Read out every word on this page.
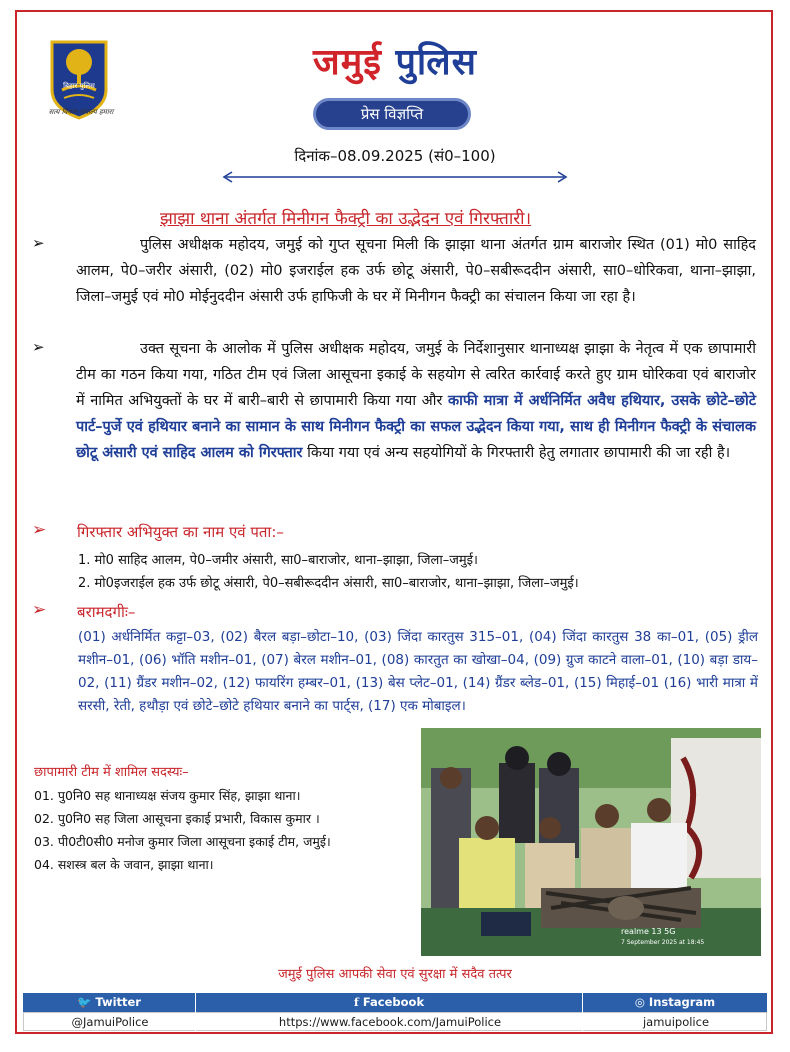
बिहार पुलिस
सत्य विधान संकल्प हमारा
जमुई पुलिस
प्रेस विज्ञप्ति
दिनांक–08.09.2025 (सं0–100)
झाझा थाना अंतर्गत मिनीगन फैक्ट्री का उद्भेदन एवं गिरफ्तारी।
➢	पुलिस अधीक्षक महोदय, जमुई को गुप्त सूचना मिली कि झाझा थाना अंतर्गत ग्राम बाराजोर स्थित (01) मो0 साहिद आलम, पे0–जरीर अंसारी, (02) मो0 इजराईल हक उर्फ छोटू अंसारी, पे0–सबीरूददीन अंसारी, सा0–धोरिकवा, थाना–झाझा, जिला–जमुई एवं मो0 मोईनुददीन अंसारी उर्फ हाफिजी के घर में मिनीगन फैक्ट्री का संचालन किया जा रहा है।
➢	उक्त सूचना के आलोक में पुलिस अधीक्षक महोदय, जमुई के निर्देशानुसार थानाध्यक्ष झाझा के नेतृत्व में एक छापामारी टीम का गठन किया गया, गठित टीम एवं जिला आसूचना इकाई के सहयोग से त्वरित कार्रवाई करते हुए ग्राम घोरिकवा एवं बाराजोर में नामित अभियुक्तों के घर में बारी–बारी से छापामारी किया गया और काफी मात्रा में अर्धनिर्मित अवैध हथियार, उसके छोटे–छोटे पार्ट–पुर्जे एवं हथियार बनाने का सामान के साथ मिनीगन फैक्ट्री का सफल उद्भेदन किया गया, साथ ही मिनीगन फैक्ट्री के संचालक छोटू अंसारी एवं साहिद आलम को गिरफ्तार किया गया एवं अन्य सहयोगियों के गिरफ्तारी हेतु लगातार छापामारी की जा रही है।
➢ गिरफ्तार अभियुक्त का नाम एवं पता:–
1. मो0 साहिद आलम, पे0–जमीर अंसारी, सा0–बाराजोर, थाना–झाझा, जिला–जमुई।
2. मो0इजराईल हक उर्फ छोटू अंसारी, पे0–सबीरूददीन अंसारी, सा0–बाराजोर, थाना–झाझा, जिला–जमुई।
➢ बरामदगीः–
(01) अर्धनिर्मित कट्टा–03, (02) बैरल बड़ा–छोटा–10, (03) जिंदा कारतुस 315–01, (04) जिंदा कारतुस 38 का–01, (05) ड्रील मशीन–01, (06) भॉति मशीन–01, (07) बेरल मशीन–01, (08) कारतुत का खोखा–04, (09) ग्रुज काटने वाला–01, (10) बड़ा डाय–02, (11) ग्रैंडर मशीन–02, (12) फायरिंग हम्बर–01, (13) बेस प्लेट–01, (14) ग्रैंडर ब्लेड–01, (15) मिहाई–01 (16) भारी मात्रा में सरसी, रेती, हथौड़ा एवं छोटे–छोटे हथियार बनाने का पार्ट्स, (17) एक मोबाइल।
छापामारी टीम में शामिल सदस्यः–
01. पु0नि0 सह थानाध्यक्ष संजय कुमार सिंह, झाझा थाना।
02. पु0नि0 सह जिला आसूचना इकाई प्रभारी, विकास कुमार ।
03. पी0टी0सी0 मनोज कुमार जिला आसूचना इकाई टीम, जमुई।
04. सशस्त्र बल के जवान, झाझा थाना।
realme 13 5G
7 September 2025 at 18:45
जमुई पुलिस आपकी सेवा एवं सुरक्षा में सदैव तत्पर
🐦 Twitter	f Facebook	◎ Instagram
@JamuiPolice	https://www.facebook.com/JamuiPolice	jamuipolice
